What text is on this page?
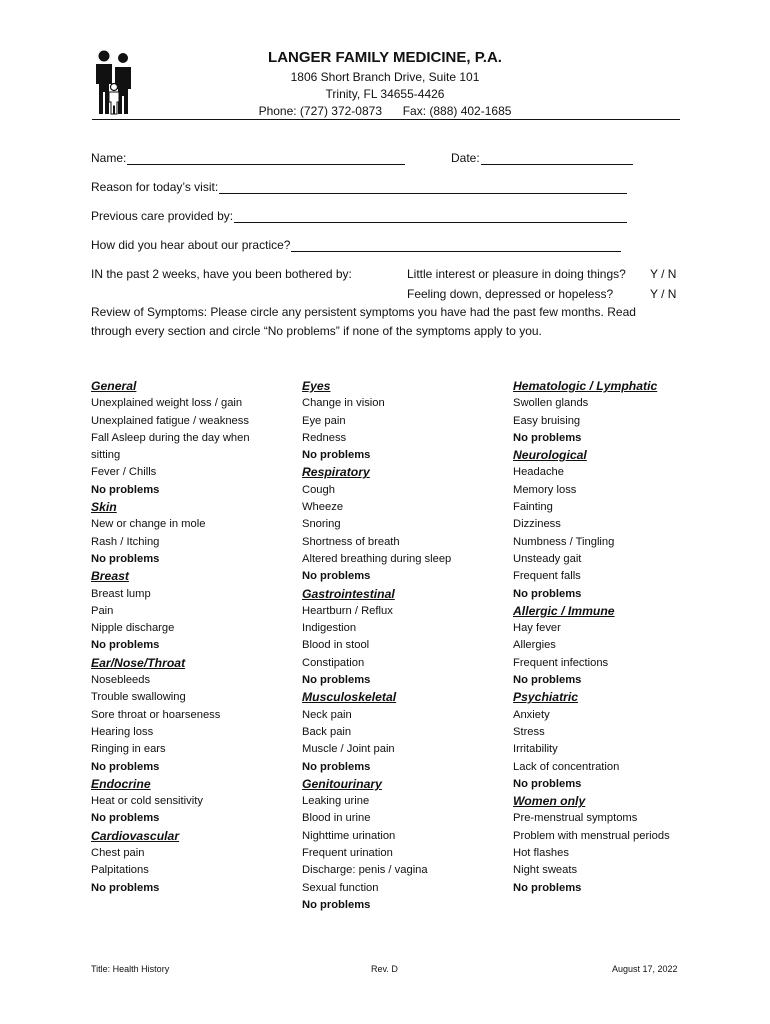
LANGER FAMILY MEDICINE, P.A.
1806 Short Branch Drive, Suite 101
Trinity, FL 34655-4426
Phone: (727) 372-0873 Fax: (888) 402-1685
Name:	Date:
Reason for today’s visit:
Previous care provided by:
How did you hear about our practice?
IN the past 2 weeks, have you been bothered by:	Little interest or pleasure in doing things? Y / N
Feeling down, depressed or hopeless?	Y / N
Review of Symptoms: Please circle any persistent symptoms you have had the past few months. Read
through every section and circle “No problems” if none of the symptoms apply to you.
General
Unexplained weight loss / gain
Unexplained fatigue / weakness
Fall Asleep during the day when
sitting
Fever / Chills
No problems
Skin
New or change in mole
Rash / Itching
No problems
Breast
Breast lump
Pain
Nipple discharge
No problems
Ear/Nose/Throat
Nosebleeds
Trouble swallowing
Sore throat or hoarseness
Hearing loss
Ringing in ears
No problems
Endocrine
Heat or cold sensitivity
No problems
Cardiovascular
Chest pain
Palpitations
No problems
Eyes
Change in vision
Eye pain
Redness
No problems
Respiratory
Cough
Wheeze
Snoring
Shortness of breath
Altered breathing during sleep
No problems
Gastrointestinal
Heartburn / Reflux
Indigestion
Blood in stool
Constipation
No problems
Musculoskeletal
Neck pain
Back pain
Muscle / Joint pain
No problems
Genitourinary
Leaking urine
Blood in urine
Nighttime urination
Frequent urination
Discharge: penis / vagina
Sexual function
No problems
Hematologic / Lymphatic
Swollen glands
Easy bruising
No problems
Neurological
Headache
Memory loss
Fainting
Dizziness
Numbness / Tingling
Unsteady gait
Frequent falls
No problems
Allergic / Immune
Hay fever
Allergies
Frequent infections
No problems
Psychiatric
Anxiety
Stress
Irritability
Lack of concentration
No problems
Women only
Pre-menstrual symptoms
Problem with menstrual periods
Hot flashes
Night sweats
No problems
Title: Health History	Rev. D	August 17, 2022
